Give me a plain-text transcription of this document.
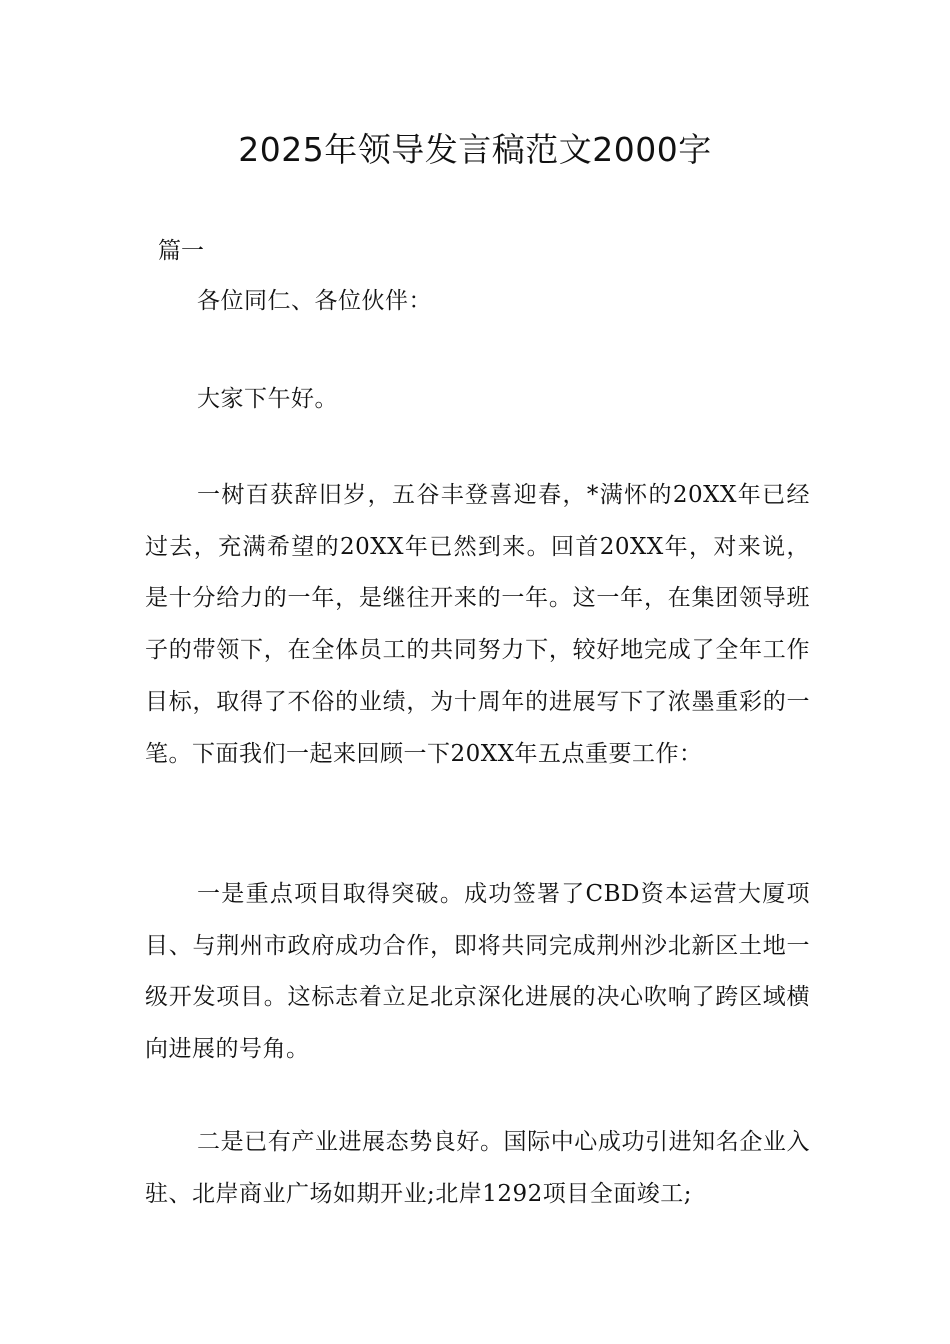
2025年领导发言稿范文2000字
篇一

各位同仁、各位伙伴：

大家下午好。

一树百获辞旧岁，五谷丰登喜迎春，*满怀的20XX年已经过去，充满希望的20XX年已然到来。回首20XX年，对来说，是十分给力的一年，是继往开来的一年。这一年，在集团领导班子的带领下，在全体员工的共同努力下，较好地完成了全年工作目标，取得了不俗的业绩，为十周年的进展写下了浓墨重彩的一笔。下面我们一起来回顾一下20XX年五点重要工作：

一是重点项目取得突破。成功签署了CBD资本运营大厦项目、与荆州市政府成功合作，即将共同完成荆州沙北新区土地一级开发项目。这标志着立足北京深化进展的决心吹响了跨区域横向进展的号角。

二是已有产业进展态势良好。国际中心成功引进知名企业入驻、北岸商业广场如期开业;北岸1292项目全面竣工;
